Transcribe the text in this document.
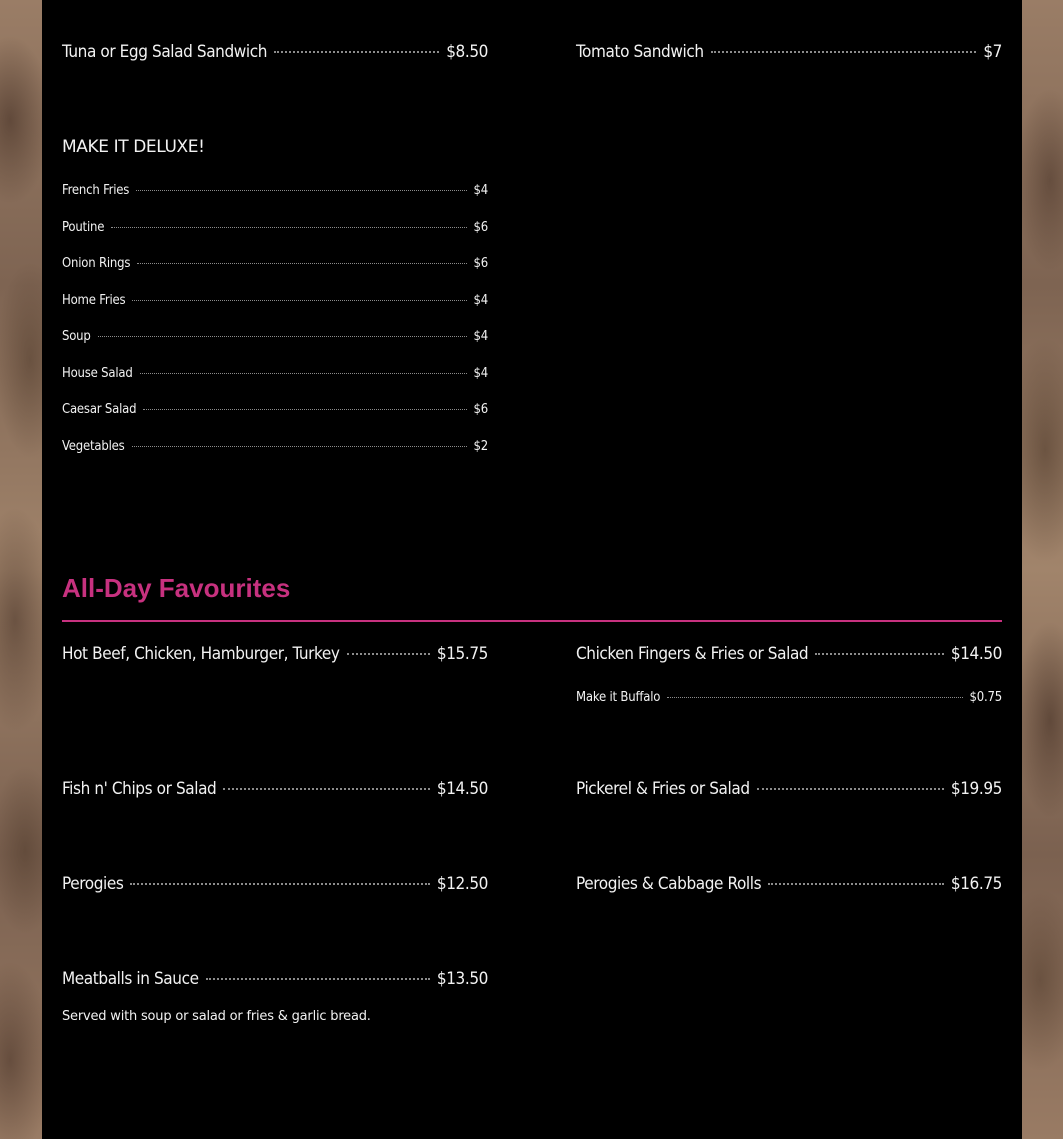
Tuna or Egg Salad Sandwich	$8.50	Tomato Sandwich	$7
MAKE IT DELUXE!
French Fries	$4
Poutine	$6
Onion Rings	$6
Home Fries	$4
Soup	$4
House Salad	$4
Caesar Salad	$6
Vegetables	$2
All-Day Favourites
Hot Beef, Chicken, Hamburger, Turkey	$15.75	Chicken Fingers & Fries or Salad	$14.50
Make it Buffalo	$0.75
Fish n' Chips or Salad	$14.50	Pickerel & Fries or Salad	$19.95
Perogies	$12.50	Perogies & Cabbage Rolls	$16.75
Meatballs in Sauce	$13.50
Served with soup or salad or fries & garlic bread.
